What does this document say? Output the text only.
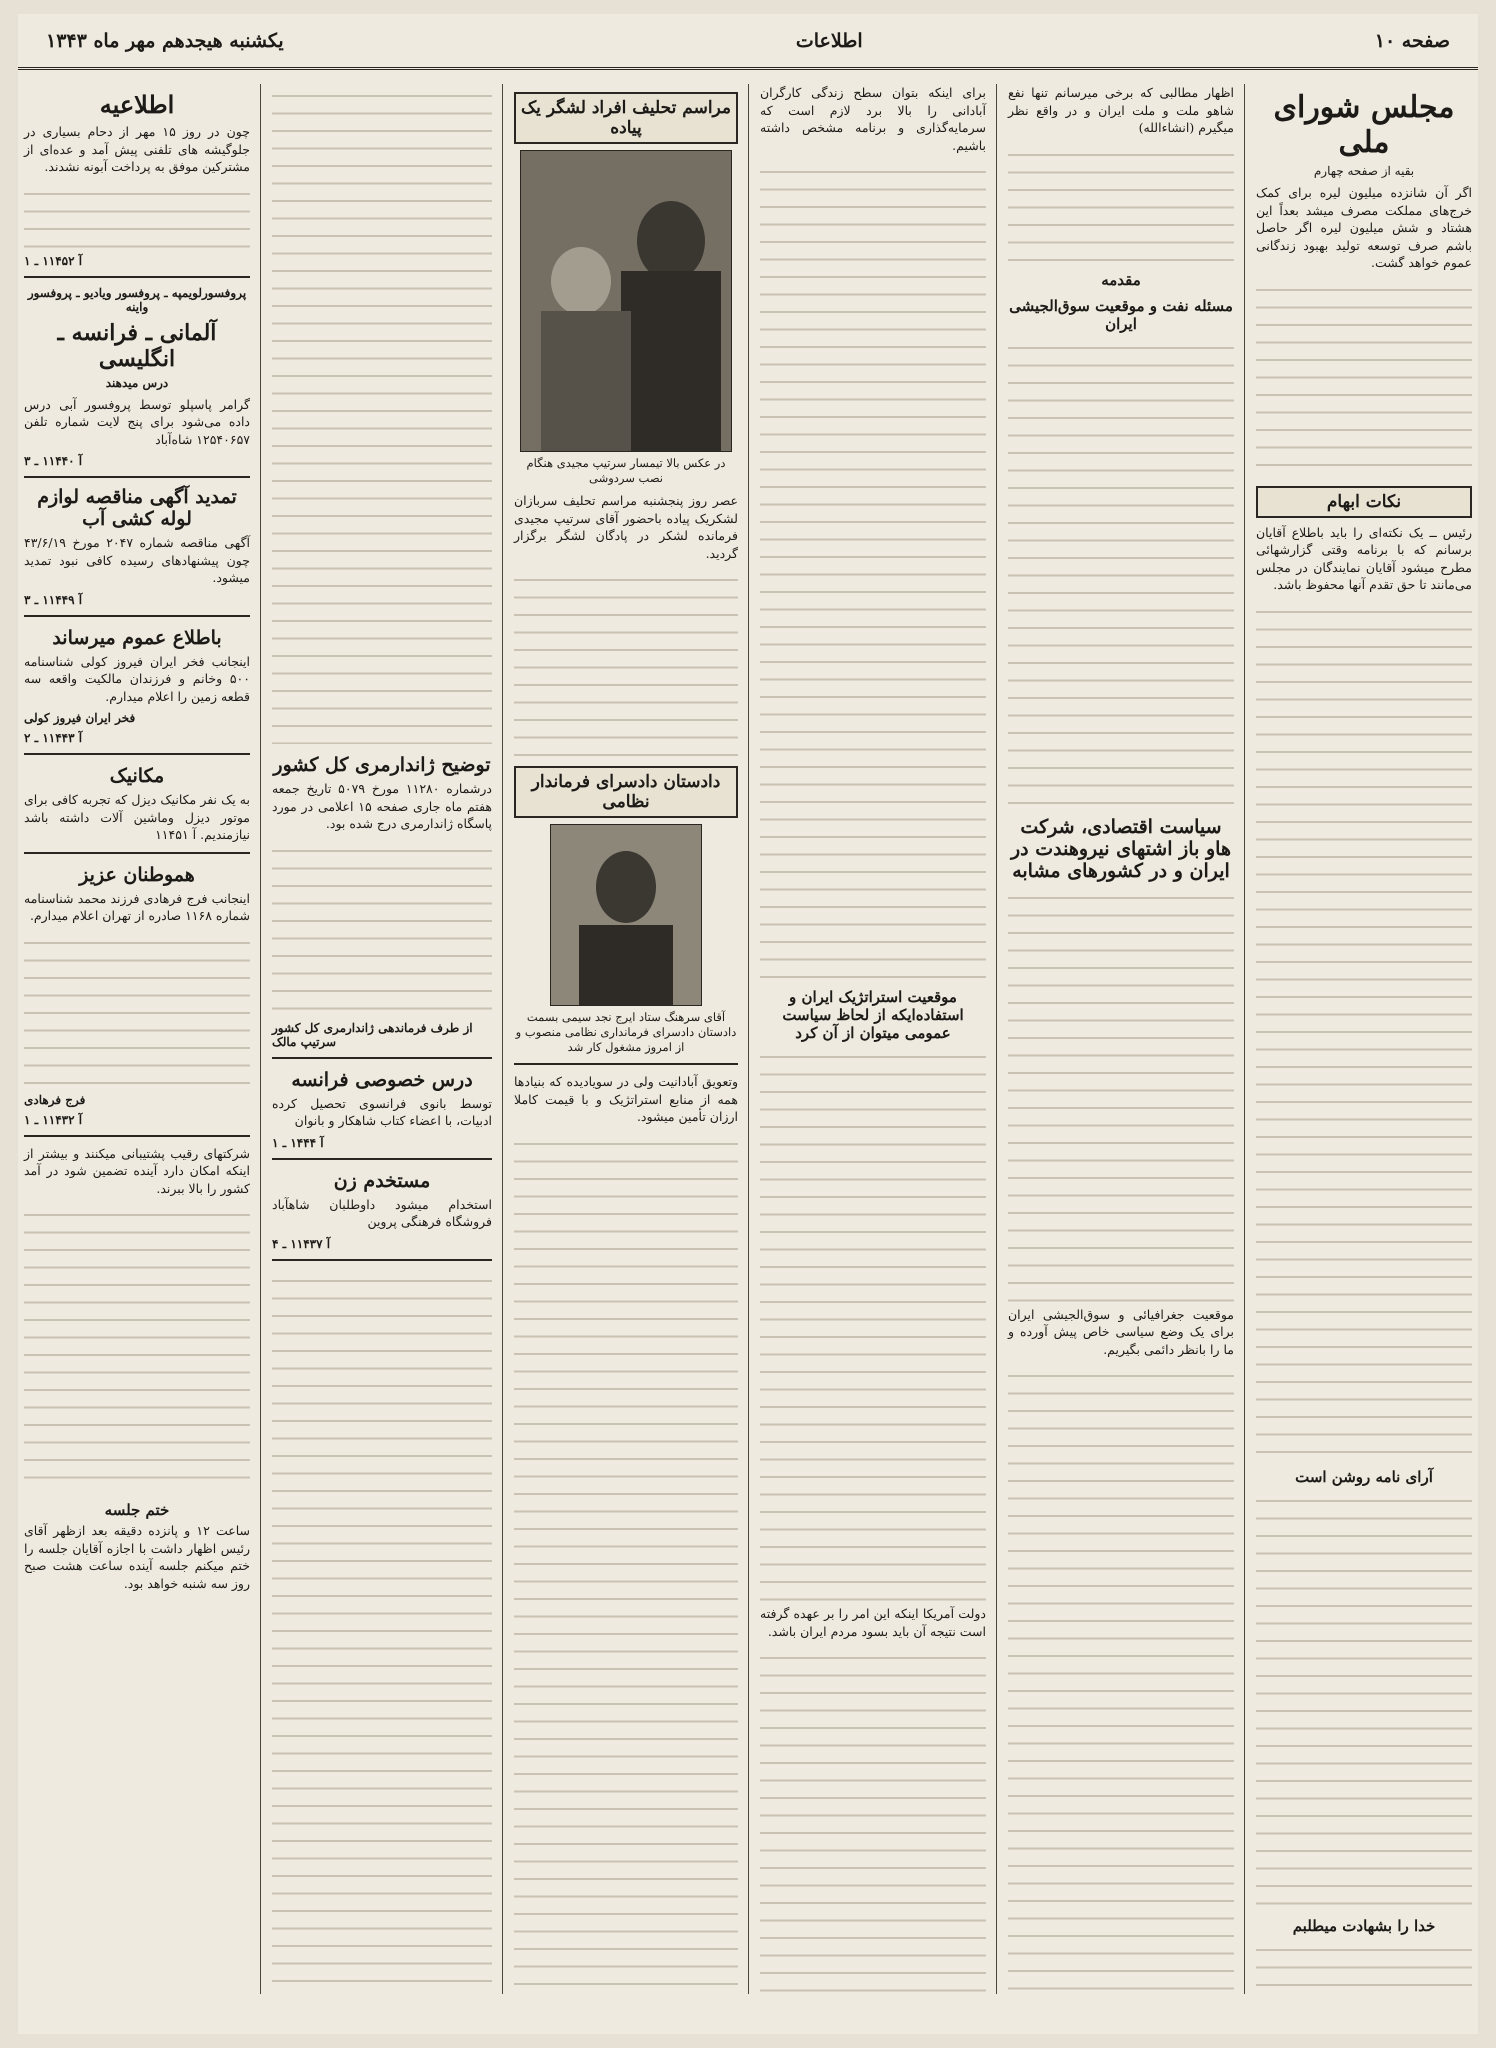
صفحه ۱۰
اطلاعات
یکشنبه هیجدهم مهر ماه ۱۳۴۳
مجلس شورای ملی
بقیه از صفحه چهارم

اگر آن شانزده میلیون لیره برای کمک خرج‌های مملکت مصرف میشد بعداً این هشتاد و شش میلیون لیره اگر حاصل باشم صرف توسعه تولید بهبود زندگانی عموم خواهد گشت.

نکات ابهام

رئیس ــ یک نکته‌ای را باید باطلاع آقایان برسانم که با برنامه وقتی گزارشهائی مطرح میشود آقایان نمایندگان در مجلس می‌مانند تا حق تقدم آنها محفوظ باشد.

آرای نامه روشن است
خدا را بشهادت میطلبم

اظهار مطالبی که برخی میرسانم تنها نفع شاهو ملت و ملت ایران و در واقع نظر میگیرم (انشاءالله)

مقدمه
مسئله نفت و موقعیت سوق‌الجیشی ایران
سیاست اقتصادی، شرکت هاو باز اشتهای نیروهندت در ایران و در کشورهای مشابه

موقعیت جغرافیائی و سوق‌الجیشی ایران برای یک وضع سیاسی خاص پیش آورده و ما را بانظر دائمی بگیریم.

برای اینکه بتوان سطح زندگی کارگران آبادانی را بالا برد لازم است که سرمایه‌گذاری و برنامه مشخص داشته باشیم.

موقعیت استراتژیک ایران و استفاده‌ایکه از لحاظ سیاست عمومی میتوان از آن کرد

دولت آمریکا اینکه این امر را بر عهده گرفته است نتیجه آن باید بسود مردم ایران باشد.

مراسم تحلیف افراد لشگر یک پیاده
در عکس بالا تیمسار سرتیپ مجیدی هنگام نصب سردوشی

عصر روز پنجشنبه مراسم تحلیف سربازان لشکریک پیاده باحضور آقای سرتیپ مجیدی فرمانده لشکر در پادگان لشگر برگزار گردید.

دادستان دادسرای فرماندار نظامی
آقای سرهنگ ستاد ایرج نجد سیمی بسمت دادستان دادسرای فرمانداری نظامی منصوب و از امروز مشغول کار شد

وتعویق آبادانیت ولی در سویادیده که بنیادها همه از منابع استراتژیک و با قیمت کاملا ارزان تأمین میشود.

توضیح ژاندارمری کل کشور

درشماره ۱۱۲۸۰ مورخ ۵۰۷۹ تاریخ جمعه هفتم ماه جاری صفحه ۱۵ اعلامی در مورد پاسگاه ژاندارمری درج شده بود.

از طرف فرماندهی ژاندارمری کل کشور سرتیپ مالک
درس خصوصی فرانسه

توسط بانوی فرانسوی تحصیل کرده ادبیات، با اعضاء کتاب شاهکار و بانوان

آ ۱۴۴۴ ـ ۱
مستخدم زن

استخدام میشود داوطلبان شاهآباد فروشگاه فرهنگی پروین

آ ۱۱۴۳۷ ـ ۴
اطلاعیه

چون در روز ۱۵ مهر از دحام بسیاری در جلوگیشه های تلفنی پیش آمد و عده‌ای از مشترکین موفق به پرداخت آبونه نشدند.

آ ۱۱۴۵۲ ـ ۱
پروفسورلویمپه ـ پروفسور ویادیو ـ پروفسور واینه
آلمانی ـ فرانسه ـ انگلیسی
درس میدهند

گرامر پاسپلو توسط پروفسور آبی درس داده می‌شود برای پنج لایت شماره تلفن ۱۲۵۴۰۶۵۷ شاه‌آباد

آ ۱۱۴۴۰ ـ ۳
تمدید آگهی مناقصه لوازم لوله کشی آب

آگهی مناقصه شماره ۲۰۴۷ مورخ ۴۳/۶/۱۹ چون پیشنهادهای رسیده کافی نبود تمدید میشود.

آ ۱۱۴۴۹ ـ ۳
باطلاع عموم میرساند

اینجانب فخر ایران فیروز کولی شناسنامه ۵۰۰ وخانم و فرزندان مالکیت واقعه سه قطعه زمین را اعلام میدارم.

فخر ایران فیروز کولی
آ ۱۱۴۴۳ ـ ۲
مکانیک

به یک نفر مکانیک دیزل که تجربه کافی برای موتور دیزل وماشین آلات داشته باشد نیازمندیم. آ ۱۱۴۵۱

هموطنان عزیز

اینجانب فرج فرهادی فرزند محمد شناسنامه شماره ۱۱۶۸ صادره از تهران اعلام میدارم.

فرج فرهادی
آ ۱۱۴۳۲ ـ ۱

شرکتهای رقیب پشتیبانی میکنند و بیشتر از اینکه امکان دارد آینده تضمین شود در آمد کشور را بالا ببرند.

ختم جلسه

ساعت ۱۲ و پانزده دقیقه بعد ازظهر آقای رئیس اظهار داشت با اجازه آقایان جلسه را ختم میکنم جلسه آینده ساعت هشت صبح روز سه شنبه خواهد بود.
